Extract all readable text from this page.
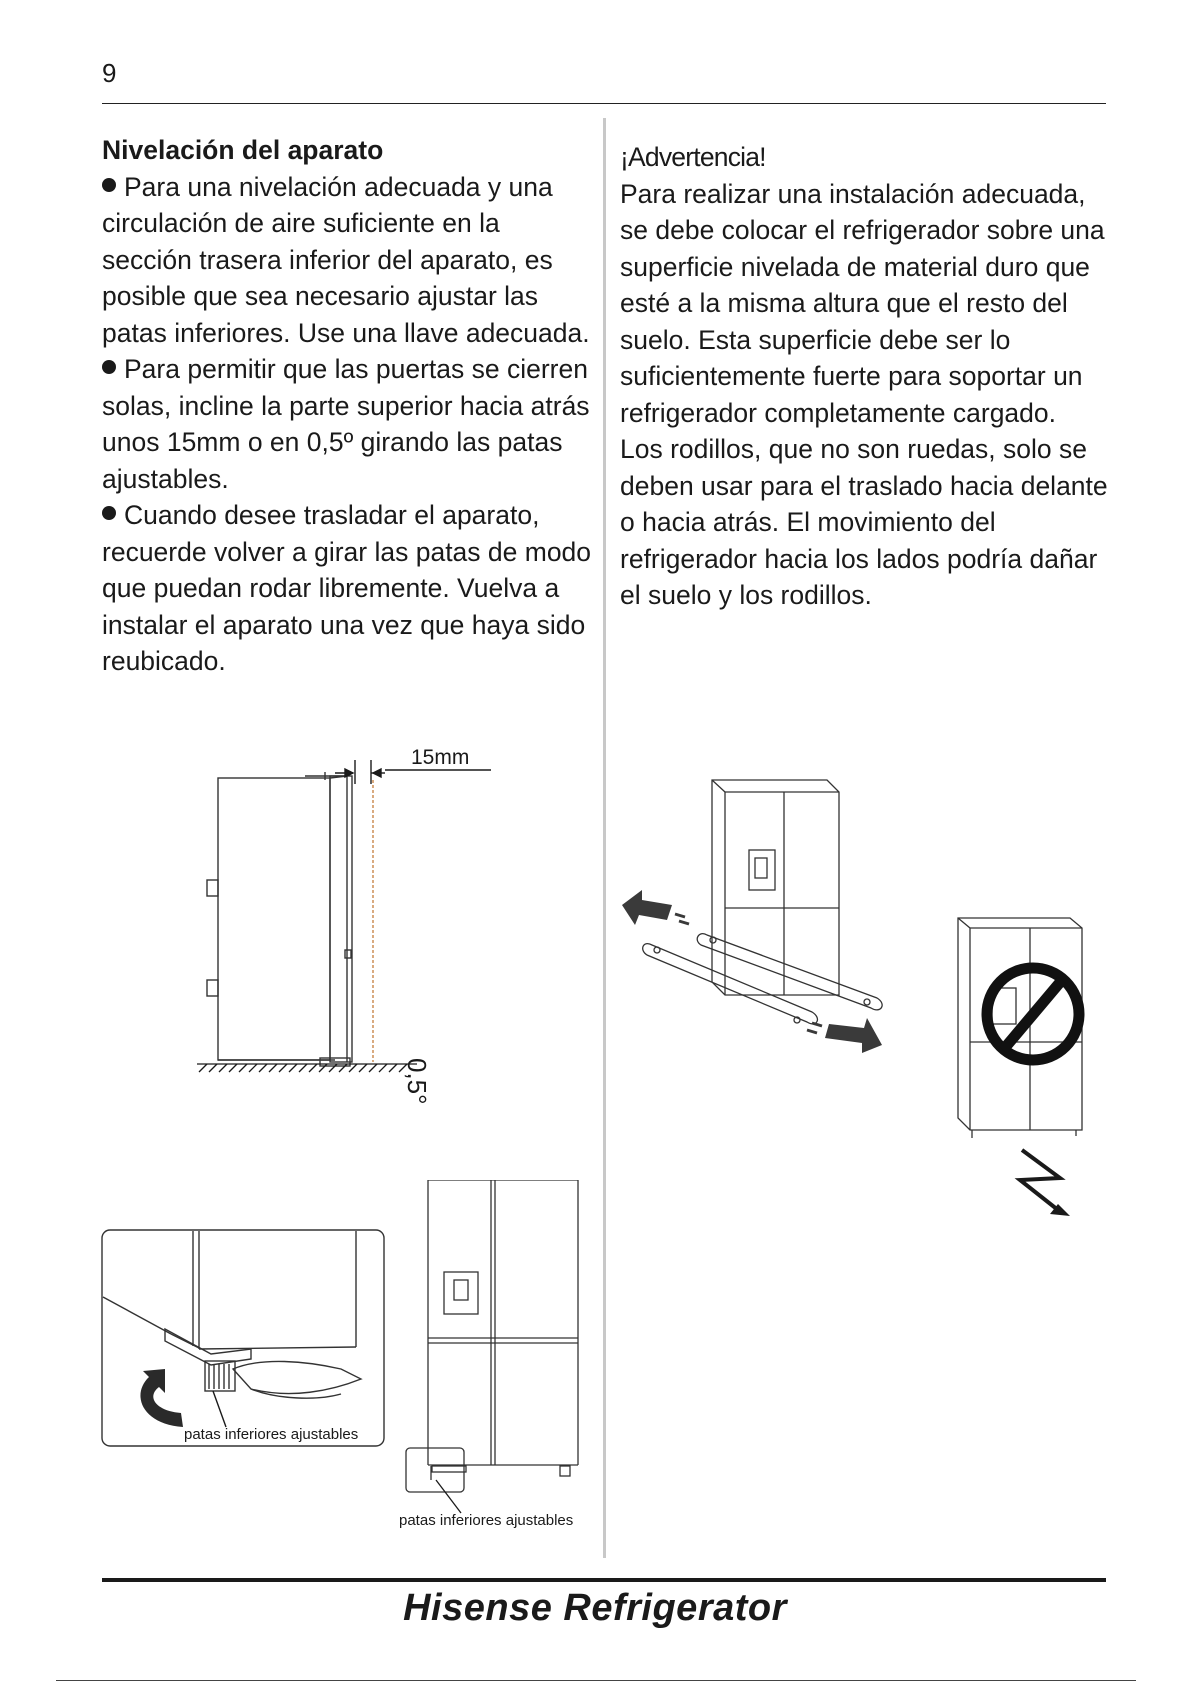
9

Nivelación del aparato

Para una nivelación adecuada y una circulación de aire suficiente en la sección trasera inferior del aparato, es posible que sea necesario ajustar las patas inferiores. Use una llave adecuada.

Para permitir que las puertas se cierren solas, incline la parte superior hacia atrás unos 15mm o en 0,5º girando las patas ajustables.

Cuando desee trasladar el aparato, recuerde volver a girar las patas de modo que puedan rodar libremente. Vuelva a instalar el aparato una vez que haya sido reubicado.

¡Advertencia!

Para realizar una instalación adecuada, se debe colocar el refrigerador sobre una superficie nivelada de material duro que esté a la misma altura que el resto del suelo. Esta superficie debe ser lo suficientemente fuerte para soportar un refrigerador completamente cargado.

Los rodillos, que no son ruedas, solo se deben usar para el traslado hacia delante o hacia atrás. El movimiento del refrigerador hacia los lados podría dañar el suelo y los rodillos.

15mm
0,5°
patas inferiores ajustables
patas inferiores ajustables
Hisense Refrigerator
